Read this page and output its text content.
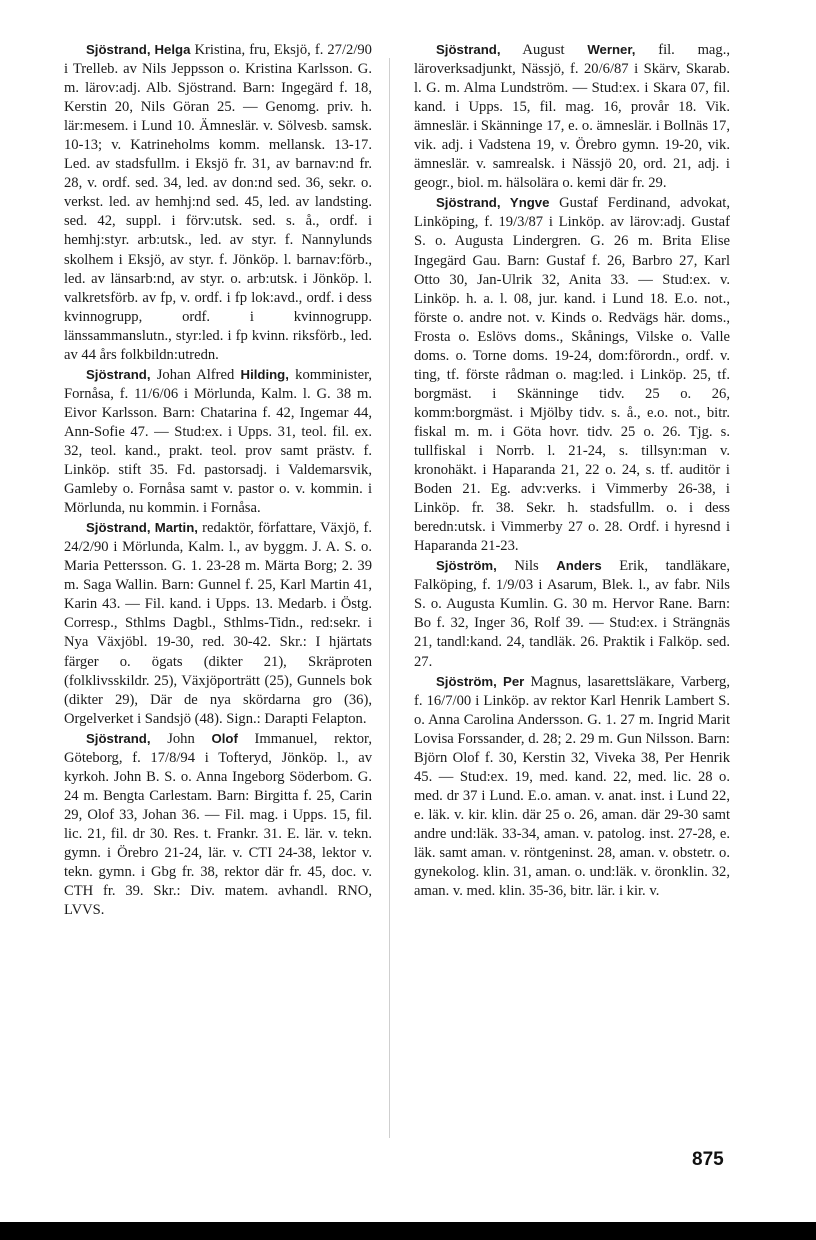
Sjöstrand, Helga Kristina, fru, Eksjö, f. 27/2/90 i Trelleb. av Nils Jeppsson o. Kristina Karlsson. G. m. lärov:adj. Alb. Sjöstrand. Barn: Ingegärd f. 18, Kerstin 20, Nils Göran 25. — Genomg. priv. h. lär:mesem. i Lund 10. Ämneslär. v. Sölvesb. samsk. 10-13; v. Katrineholms komm. mellansk. 13-17. Led. av stadsfullm. i Eksjö fr. 31, av barnav:nd fr. 28, v. ordf. sed. 34, led. av don:nd sed. 36, sekr. o. verkst. led. av hemhj:nd sed. 45, led. av landsting. sed. 42, suppl. i förv:utsk. sed. s. å., ordf. i hemhj:styr. arb:utsk., led. av styr. f. Nannylunds skolhem i Eksjö, av styr. f. Jönköp. l. barnav:förb., led. av länsarb:nd, av styr. o. arb:utsk. i Jönköp. l. valkretsförb. av fp, v. ordf. i fp lok:avd., ordf. i dess kvinnogrupp, ordf. i kvinnogrupp. länssammanslutn., styr:led. i fp kvinn. riksförb., led. av 44 års folkbildn:utredn.

Sjöstrand, Johan Alfred Hilding, komminister, Fornåsa, f. 11/6/06 i Mörlunda, Kalm. l. G. 38 m. Eivor Karlsson. Barn: Chatarina f. 42, Ingemar 44, Ann-Sofie 47. — Stud:ex. i Upps. 31, teol. fil. ex. 32, teol. kand., prakt. teol. prov samt prästv. f. Linköp. stift 35. Fd. pastorsadj. i Valdemarsvik, Gamleby o. Fornåsa samt v. pastor o. v. kommin. i Mörlunda, nu kommin. i Fornåsa.

Sjöstrand, Martin, redaktör, författare, Växjö, f. 24/2/90 i Mörlunda, Kalm. l., av byggm. J. A. S. o. Maria Pettersson. G. 1. 23-28 m. Märta Borg; 2. 39 m. Saga Wallin. Barn: Gunnel f. 25, Karl Martin 41, Karin 43. — Fil. kand. i Upps. 13. Medarb. i Östg. Corresp., Sthlms Dagbl., Sthlms-Tidn., red:sekr. i Nya Växjöbl. 19-30, red. 30-42. Skr.: I hjärtats färger o. ögats (dikter 21), Skräproten (folklivsskildr. 25), Växjöporträtt (25), Gunnels bok (dikter 29), Där de nya skördarna gro (36), Orgelverket i Sandsjö (48). Sign.: Darapti Felapton.

Sjöstrand, John Olof Immanuel, rektor, Göteborg, f. 17/8/94 i Tofteryd, Jönköp. l., av kyrkoh. John B. S. o. Anna Ingeborg Söderbom. G. 24 m. Bengta Carlestam. Barn: Birgitta f. 25, Carin 29, Olof 33, Johan 36. — Fil. mag. i Upps. 15, fil. lic. 21, fil. dr 30. Res. t. Frankr. 31. E. lär. v. tekn. gymn. i Örebro 21-24, lär. v. CTI 24-38, lektor v. tekn. gymn. i Gbg fr. 38, rektor där fr. 45, doc. v. CTH fr. 39. Skr.: Div. matem. avhandl. RNO, LVVS.

Sjöstrand, August Werner, fil. mag., läroverksadjunkt, Nässjö, f. 20/6/87 i Skärv, Skarab. l. G. m. Alma Lundström. — Stud:ex. i Skara 07, fil. kand. i Upps. 15, fil. mag. 16, provår 18. Vik. ämneslär. i Skänninge 17, e. o. ämneslär. i Bollnäs 17, vik. adj. i Vadstena 19, v. Örebro gymn. 19-20, vik. ämneslär. v. samrealsk. i Nässjö 20, ord. 21, adj. i geogr., biol. m. hälsolära o. kemi där fr. 29.

Sjöstrand, Yngve Gustaf Ferdinand, advokat, Linköping, f. 19/3/87 i Linköp. av lärov:adj. Gustaf S. o. Augusta Lindergren. G. 26 m. Brita Elise Ingegärd Gau. Barn: Gustaf f. 26, Barbro 27, Karl Otto 30, Jan-Ulrik 32, Anita 33. — Stud:ex. v. Linköp. h. a. l. 08, jur. kand. i Lund 18. E.o. not., förste o. andre not. v. Kinds o. Redvägs här. doms., Frosta o. Eslövs doms., Skånings, Vilske o. Valle doms. o. Torne doms. 19-24, dom:förordn., ordf. v. ting, tf. förste rådman o. mag:led. i Linköp. 25, tf. borgmäst. i Skänninge tidv. 25 o. 26, komm:borgmäst. i Mjölby tidv. s. å., e.o. not., bitr. fiskal m. m. i Göta hovr. tidv. 25 o. 26. Tjg. s. tullfiskal i Norrb. l. 21-24, s. tillsyn:man v. kronohäkt. i Haparanda 21, 22 o. 24, s. tf. auditör i Boden 21. Eg. adv:verks. i Vimmerby 26-38, i Linköp. fr. 38. Sekr. h. stadsfullm. o. i dess beredn:utsk. i Vimmerby 27 o. 28. Ordf. i hyresnd i Haparanda 21-23.

Sjöström, Nils Anders Erik, tandläkare, Falköping, f. 1/9/03 i Asarum, Blek. l., av fabr. Nils S. o. Augusta Kumlin. G. 30 m. Hervor Rane. Barn: Bo f. 32, Inger 36, Rolf 39. — Stud:ex. i Strängnäs 21, tandl:kand. 24, tandläk. 26. Praktik i Falköp. sed. 27.

Sjöström, Per Magnus, lasarettsläkare, Varberg, f. 16/7/00 i Linköp. av rektor Karl Henrik Lambert S. o. Anna Carolina Andersson. G. 1. 27 m. Ingrid Marit Lovisa Forssander, d. 28; 2. 29 m. Gun Nilsson. Barn: Björn Olof f. 30, Kerstin 32, Viveka 38, Per Henrik 45. — Stud:ex. 19, med. kand. 22, med. lic. 28 o. med. dr 37 i Lund. E.o. aman. v. anat. inst. i Lund 22, e. läk. v. kir. klin. där 25 o. 26, aman. där 29-30 samt andre und:läk. 33-34, aman. v. patolog. inst. 27-28, e. läk. samt aman. v. röntgeninst. 28, aman. v. obstetr. o. gynekolog. klin. 31, aman. o. und:läk. v. öronklin. 32, aman. v. med. klin. 35-36, bitr. lär. i kir. v.

875
